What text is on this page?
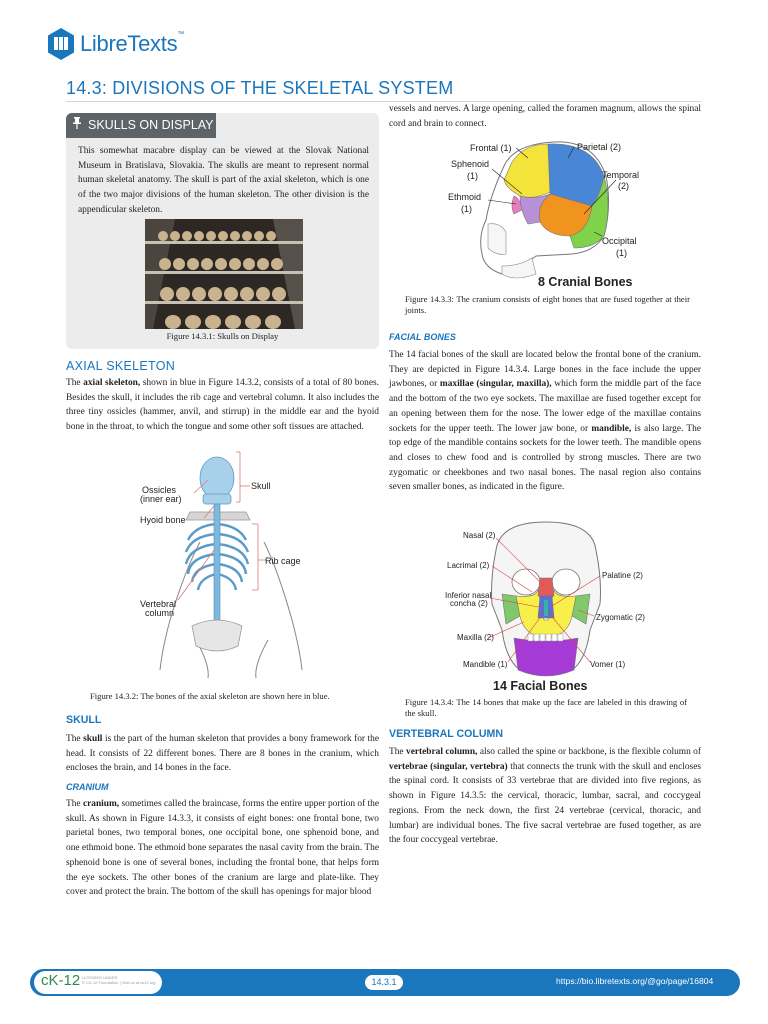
LibreTexts™
14.3: DIVISIONS OF THE SKELETAL SYSTEM
SKULLS ON DISPLAY

This somewhat macabre display can be viewed at the Slovak National Museum in Bratislava, Slovakia. The skulls are meant to represent normal human skeletal anatomy. The skull is part of the axial skeleton, which is one of the two major divisions of the human skeleton. The other division is the appendicular skeleton.

Figure 14.3.1: Skulls on Display
AXIAL SKELETON

The axial skeleton, shown in blue in Figure 14.3.2, consists of a total of 80 bones. Besides the skull, it includes the rib cage and vertebral column. It also includes the three tiny ossicles (hammer, anvil, and stirrup) in the middle ear and the hyoid bone in the throat, to which the tongue and some other soft tissues are attached.

Ossicles
(inner ear)
Skull
Hyoid bone
Rib cage
Vertebral
column
Figure 14.3.2: The bones of the axial skeleton are shown here in blue.
SKULL

The skull is the part of the human skeleton that provides a bony framework for the head. It consists of 22 different bones. There are 8 bones in the cranium, which encloses the brain, and 14 bones in the face.

CRANIUM

The cranium, sometimes called the braincase, forms the entire upper portion of the skull. As shown in Figure 14.3.3, it consists of eight bones: one frontal bone, two parietal bones, two temporal bones, one occipital bone, one sphenoid bone, and one ethmoid bone. The ethmoid bone separates the nasal cavity from the brain. The sphenoid bone is one of several bones, including the frontal bone, that helps form the eye sockets. The other bones of the cranium are large and plate-like. They cover and protect the brain. The bottom of the skull has openings for major blood

vessels and nerves. A large opening, called the foramen magnum, allows the spinal cord and brain to connect.

Frontal (1)	Parietal (2)
Sphenoid
(1)	Temporal
(2)
Ethmoid
(1)
Occipital
(1)
8 Cranial Bones
Figure 14.3.3: The cranium consists of eight bones that are fused together at their joints.
FACIAL BONES

The 14 facial bones of the skull are located below the frontal bone of the cranium. They are depicted in Figure 14.3.4. Large bones in the face include the upper jawbones, or maxillae (singular, maxilla), which form the middle part of the face and the bottom of the two eye sockets. The maxillae are fused together except for an opening between them for the nose. The lower edge of the maxillae contains sockets for the upper teeth. The lower jaw bone, or mandible, is also large. The top edge of the mandible contains sockets for the lower teeth. The mandible opens and closes to chew food and is controlled by strong muscles. There are two zygomatic or cheekbones and two nasal bones. The nasal region also contains seven smaller bones, as indicated in the figure.

Nasal (2)
Lacrimal (2)
Palatine (2)
Inferior nasal
concha (2)
Zygomatic (2)
Maxilla (2)
Mandible (1)	Vomer (1)
14 Facial Bones
Figure 14.3.4: The 14 bones that make up the face are labeled in this drawing of the skull.
VERTEBRAL COLUMN

The vertebral column, also called the spine or backbone, is the flexible column of vertebrae (singular, vertebra) that connects the trunk with the skull and encloses the spinal cord. It consists of 33 vertebrae that are divided into five regions, as shown in Figure 14.3.5: the cervical, thoracic, lumbar, sacral, and coccygeal regions. From the neck down, the first 24 vertebrae (cervical, thoracic, and lumbar) are individual bones. The five sacral vertebrae are fused together, as are the four coccygeal vertebrae.

cK-12 LICENSED UNDER
© CK-12 Foundation | Visit us at ck12.org	14.3.1	https://bio.libretexts.org/@go/page/16804
